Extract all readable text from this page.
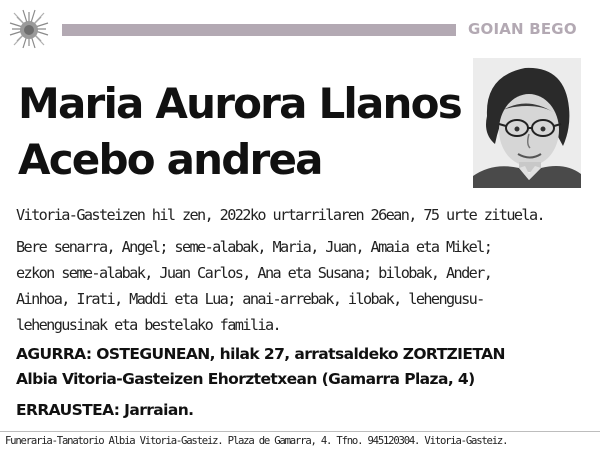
GOIAN BEGO
Maria Aurora Llanos
Acebo andrea

Vitoria-Gasteizen hil zen, 2022ko urtarrilaren 26ean, 75 urte zituela.

Bere senarra, Angel; seme-alabak, Maria, Juan, Amaia eta Mikel;
ezkon seme-alabak, Juan Carlos, Ana eta Susana; bilobak, Ander,
Ainhoa, Irati, Maddi eta Lua; anai-arrebak, ilobak, lehengusu-
lehengusinak eta bestelako familia.

AGURRA: OSTEGUNEAN, hilak 27, arratsaldeko ZORTZIETAN
Albia Vitoria-Gasteizen Ehorztetxean (Gamarra Plaza, 4)

ERRAUSTEA: Jarraian.

Funeraria-Tanatorio Albia Vitoria-Gasteiz. Plaza de Gamarra, 4. Tfno. 945120304. Vitoria-Gasteiz.
